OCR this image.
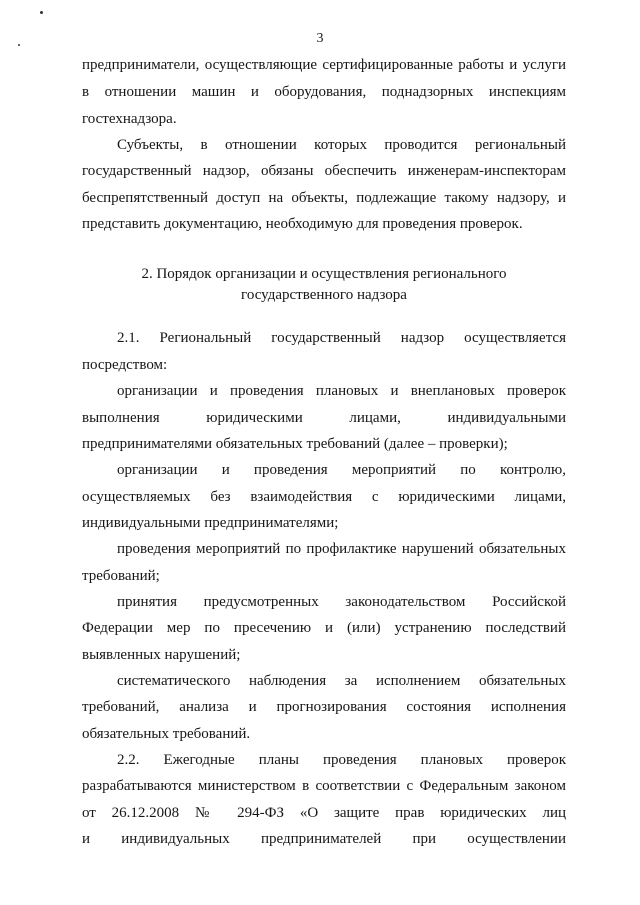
3
предприниматели, осуществляющие сертифицированные работы и услуги
в отношении машин и оборудования, поднадзорных инспекциям
гостехнадзора.
Субъекты, в отношении которых проводится региональный
государственный надзор, обязаны обеспечить инженерам-инспекторам
беспрепятственный доступ на объекты, подлежащие такому надзору, и
представить документацию, необходимую для проведения проверок.
2. Порядок организации и осуществления регионального
государственного надзора
2.1. Региональный государственный надзор осуществляется
посредством:
организации и проведения плановых и внеплановых проверок
выполнения юридическими лицами, индивидуальными
предпринимателями обязательных требований (далее – проверки);
организации и проведения мероприятий по контролю,
осуществляемых без взаимодействия с юридическими лицами,
индивидуальными предпринимателями;
проведения мероприятий по профилактике нарушений обязательных
требований;
принятия предусмотренных законодательством Российской
Федерации мер по пресечению и (или) устранению последствий
выявленных нарушений;
систематического наблюдения за исполнением обязательных
требований, анализа и прогнозирования состояния исполнения
обязательных требований.
2.2. Ежегодные планы проведения плановых проверок
разрабатываются министерством в соответствии с Федеральным законом
от 26.12.2008 № 294-ФЗ «О защите прав юридических лиц
и индивидуальных предпринимателей при осуществлении
